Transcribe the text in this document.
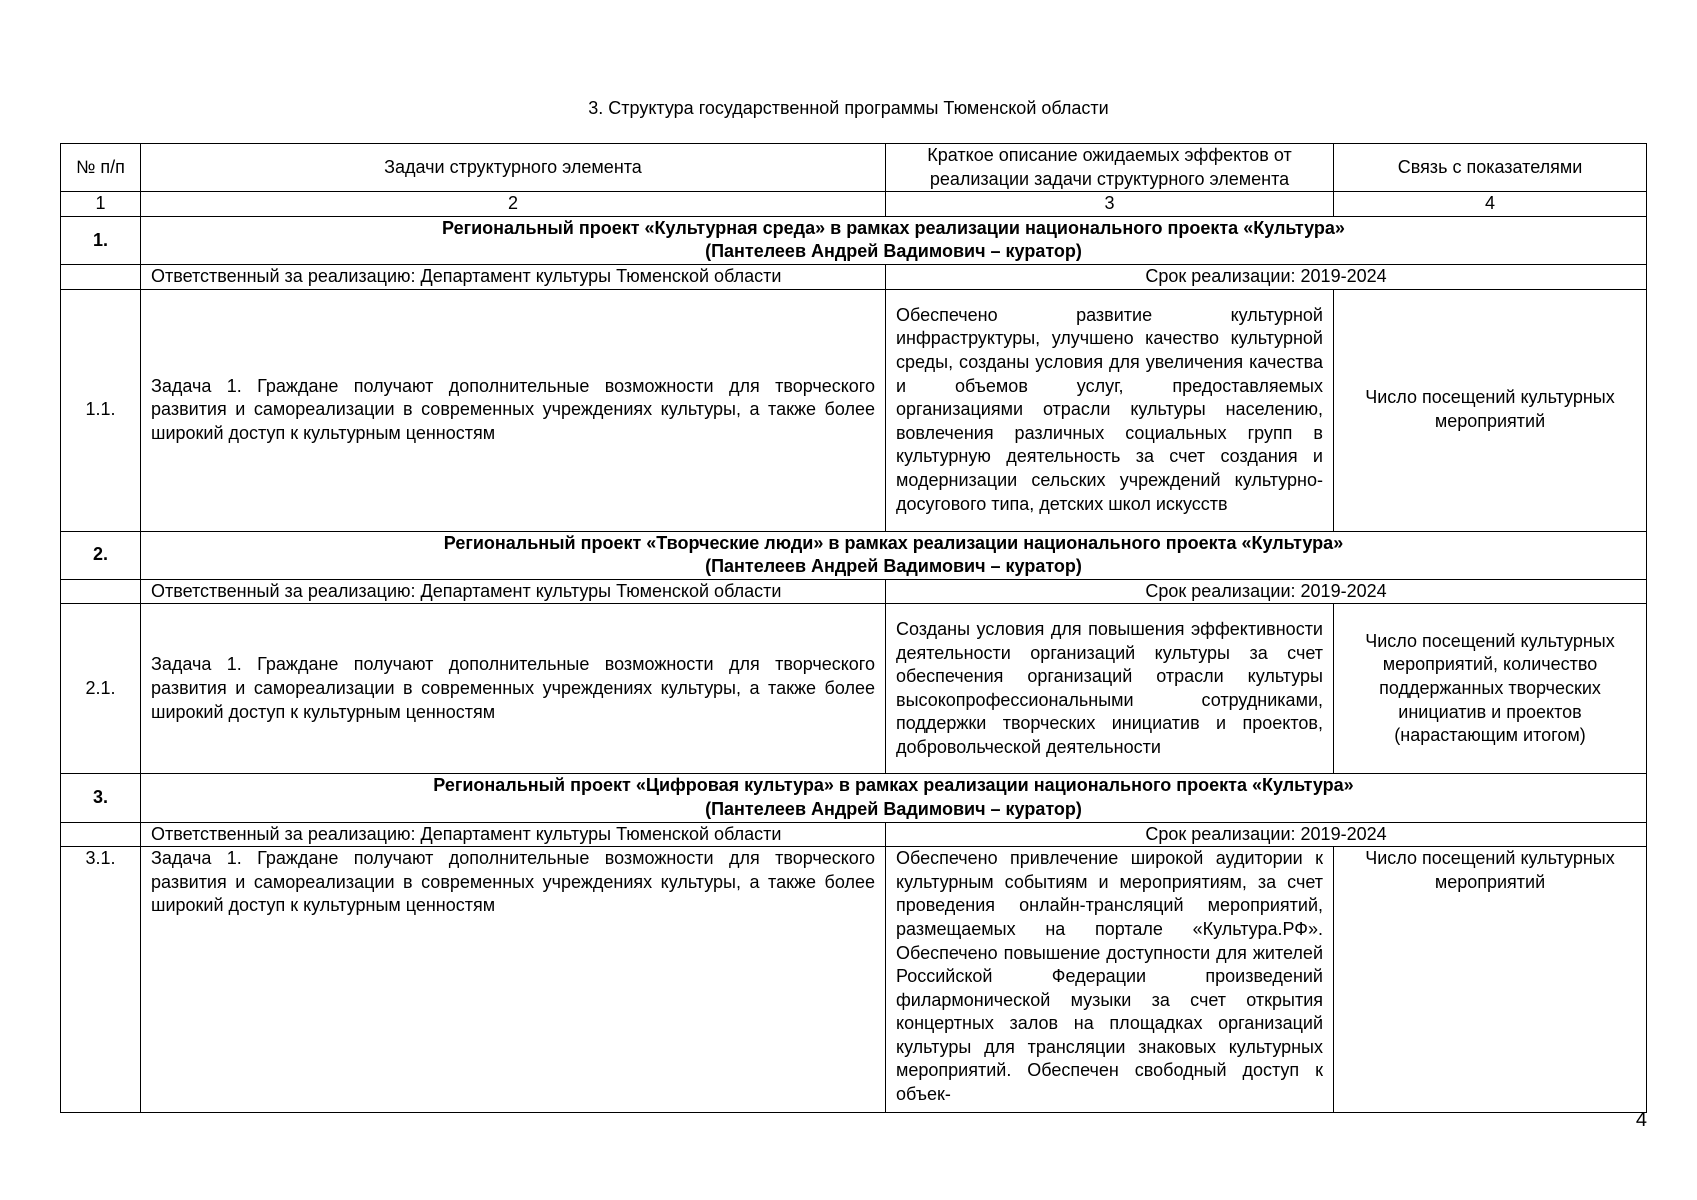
3. Структура государственной программы Тюменской области
№ п/п	Задачи структурного элемента	Краткое описание ожидаемых эффектов от реализации задачи структурного элемента	Связь с показателями
1	2	3	4
1.	Региональный проект «Культурная среда» в рамках реализации национального проекта «Культура»
(Пантелеев Андрей Вадимович – куратор)		

	Ответственный за реализацию: Департамент культуры Тюменской области	Срок реализации: 2019-2024	
1.1.	Задача 1. Граждане получают дополнительные возможности для творческого развития и самореализации в современных учреждениях культуры, а также более широкий доступ к культурным ценностям	Обеспечено развитие культурной инфраструктуры, улучшено качество культурной среды, созданы условия для увеличения качества и объемов услуг, предоставляемых организациями отрасли культуры населению, вовлечения различных социальных групп в культурную деятельность за счет создания и модернизации сельских учреждений культурно-досугового типа, детских школ искусств	Число посещений культурных мероприятий
2.	Региональный проект «Творческие люди» в рамках реализации национального проекта «Культура»
(Пантелеев Андрей Вадимович – куратор)		

	Ответственный за реализацию: Департамент культуры Тюменской области	Срок реализации: 2019-2024	
2.1.	Задача 1. Граждане получают дополнительные возможности для творческого развития и самореализации в современных учреждениях культуры, а также более широкий доступ к культурным ценностям	Созданы условия для повышения эффективности деятельности организаций культуры за счет обеспечения организаций отрасли культуры высокопрофессиональными сотрудниками, поддержки творческих инициатив и проектов, добровольческой деятельности	Число посещений культурных мероприятий, количество поддержанных творческих инициатив и проектов (нарастающим итогом)
3.	Региональный проект «Цифровая культура» в рамках реализации национального проекта «Культура»
(Пантелеев Андрей Вадимович – куратор)		

	Ответственный за реализацию: Департамент культуры Тюменской области	Срок реализации: 2019-2024	
3.1.	Задача 1. Граждане получают дополнительные возможности для творческого развития и самореализации в современных учреждениях культуры, а также более широкий доступ к культурным ценностям	Обеспечено привлечение широкой аудитории к культурным событиям и мероприятиям, за счет проведения онлайн-трансляций мероприятий, размещаемых на портале «Культура.РФ». Обеспечено повышение доступности для жителей Российской Федерации произведений филармонической музыки за счет открытия концертных залов на площадках организаций культуры для трансляции знаковых культурных мероприятий. Обеспечен свободный доступ к объек-	Число посещений культурных мероприятий
4
